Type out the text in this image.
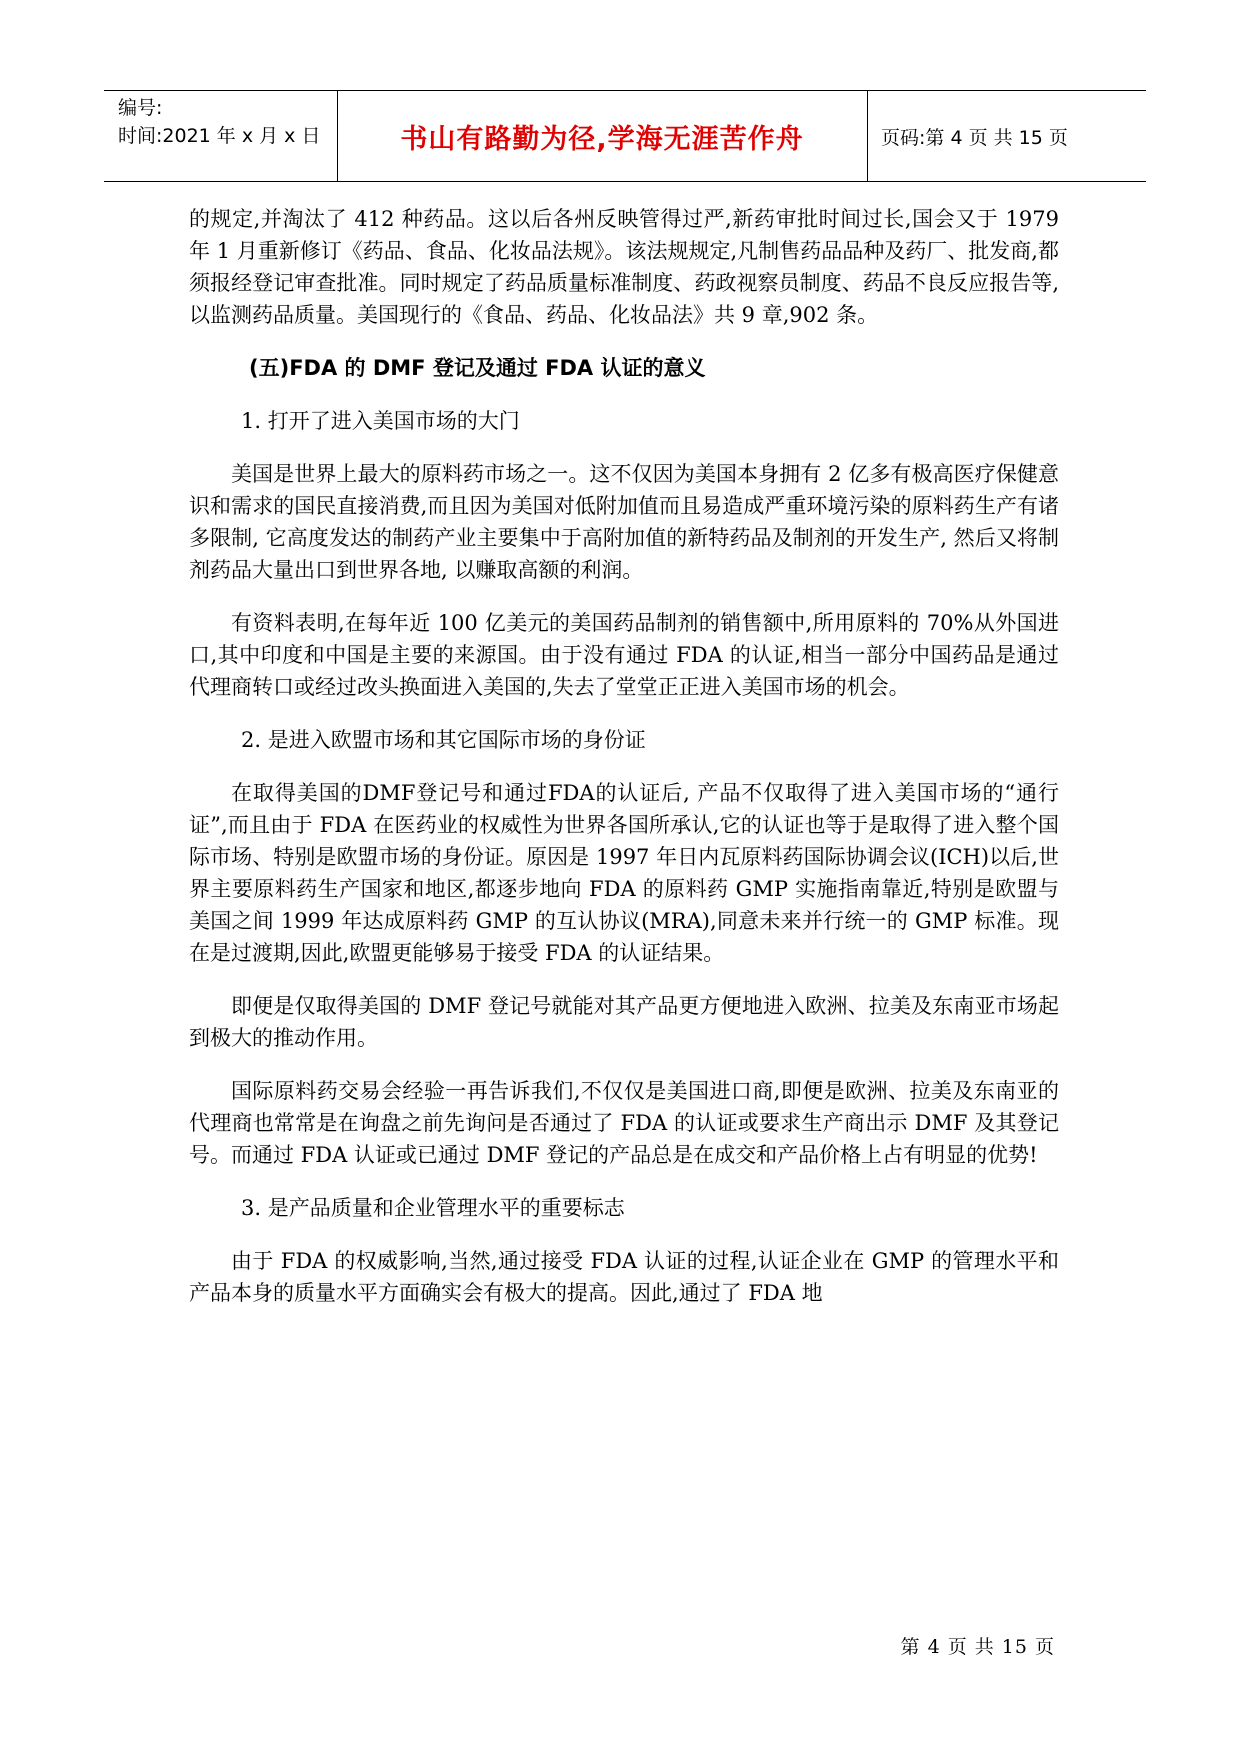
编号:
时间:2021 年 x 月 x 日	书山有路勤为径,学海无涯苦作舟	页码:第 4 页 共 15 页

的规定,并淘汰了 412 种药品。这以后各州反映管得过严,新药审批时间过长,国会又于 1979 年 1 月重新修订《药品、食品、化妆品法规》。该法规规定,凡制售药品品种及药厂、批发商,都须报经登记审查批准。同时规定了药品质量标准制度、药政视察员制度、药品不良反应报告等,以监测药品质量。美国现行的《食品、药品、化妆品法》共 9 章,902 条。

(五)FDA 的 DMF 登记及通过 FDA 认证的意义

1. 打开了进入美国市场的大门

美国是世界上最大的原料药市场之一。这不仅因为美国本身拥有 2 亿多有极高医疗保健意识和需求的国民直接消费,而且因为美国对低附加值而且易造成严重环境污染的原料药生产有诸多限制, 它高度发达的制药产业主要集中于高附加值的新特药品及制剂的开发生产, 然后又将制剂药品大量出口到世界各地, 以赚取高额的利润。

有资料表明,在每年近 100 亿美元的美国药品制剂的销售额中,所用原料的 70%从外国进口,其中印度和中国是主要的来源国。由于没有通过 FDA 的认证,相当一部分中国药品是通过代理商转口或经过改头换面进入美国的,失去了堂堂正正进入美国市场的机会。

2. 是进入欧盟市场和其它国际市场的身份证

在取得美国的DMF登记号和通过FDA的认证后, 产品不仅取得了进入美国市场的“通行证”,而且由于 FDA 在医药业的权威性为世界各国所承认,它的认证也等于是取得了进入整个国际市场、特别是欧盟市场的身份证。原因是 1997 年日内瓦原料药国际协调会议(ICH)以后,世界主要原料药生产国家和地区,都逐步地向 FDA 的原料药 GMP 实施指南靠近,特别是欧盟与美国之间 1999 年达成原料药 GMP 的互认协议(MRA),同意未来并行统一的 GMP 标准。现在是过渡期,因此,欧盟更能够易于接受 FDA 的认证结果。

即便是仅取得美国的 DMF 登记号就能对其产品更方便地进入欧洲、拉美及东南亚市场起到极大的推动作用。

国际原料药交易会经验一再告诉我们,不仅仅是美国进口商,即便是欧洲、拉美及东南亚的代理商也常常是在询盘之前先询问是否通过了 FDA 的认证或要求生产商出示 DMF 及其登记号。而通过 FDA 认证或已通过 DMF 登记的产品总是在成交和产品价格上占有明显的优势!

3. 是产品质量和企业管理水平的重要标志

由于 FDA 的权威影响,当然,通过接受 FDA 认证的过程,认证企业在 GMP 的管理水平和产品本身的质量水平方面确实会有极大的提高。因此,通过了 FDA 地

第 4 页 共 15 页
